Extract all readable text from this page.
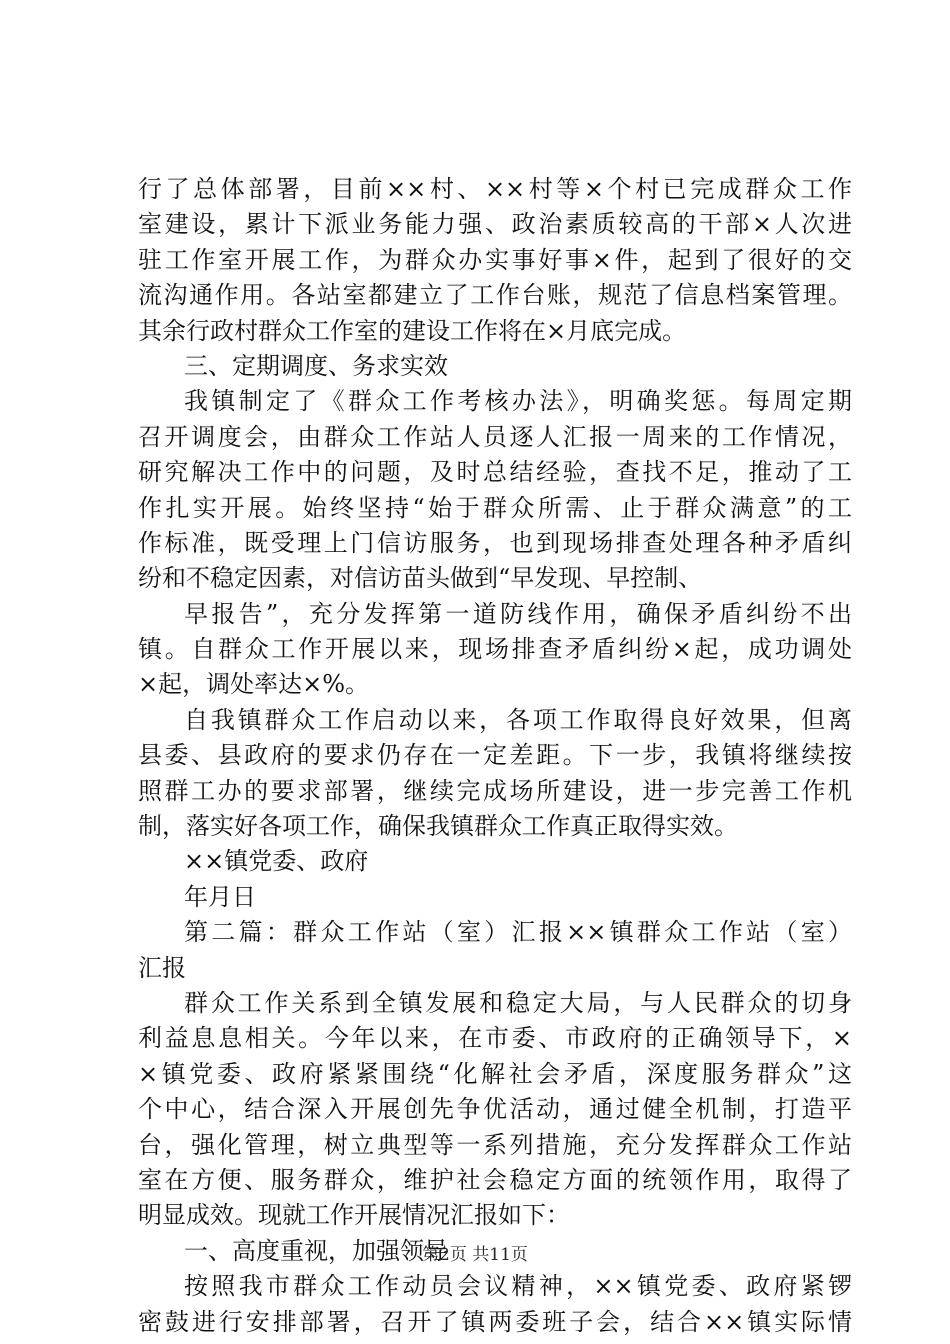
行了总体部署，目前××村、××村等×个村已完成群众工作
室建设，累计下派业务能力强、政治素质较高的干部×人次进
驻工作室开展工作，为群众办实事好事×件，起到了很好的交
流沟通作用。各站室都建立了工作台账，规范了信息档案管理。
其余行政村群众工作室的建设工作将在×月底完成。
三、定期调度、务求实效
我镇制定了《群众工作考核办法》，明确奖惩。每周定期
召开调度会，由群众工作站人员逐人汇报一周来的工作情况，
研究解决工作中的问题，及时总结经验，查找不足，推动了工
作扎实开展。始终坚持“始于群众所需、止于群众满意”的工
作标准，既受理上门信访服务，也到现场排查处理各种矛盾纠
纷和不稳定因素，对信访苗头做到“早发现、早控制、
早报告”，充分发挥第一道防线作用，确保矛盾纠纷不出
镇。自群众工作开展以来，现场排查矛盾纠纷×起，成功调处
×起，调处率达×%。
自我镇群众工作启动以来，各项工作取得良好效果，但离
县委、县政府的要求仍存在一定差距。下一步，我镇将继续按
照群工办的要求部署，继续完成场所建设，进一步完善工作机
制，落实好各项工作，确保我镇群众工作真正取得实效。
××镇党委、政府
年月日
第二篇：群众工作站（室）汇报××镇群众工作站（室）
汇报
群众工作关系到全镇发展和稳定大局，与人民群众的切身
利益息息相关。今年以来，在市委、市政府的正确领导下，×
×镇党委、政府紧紧围绕“化解社会矛盾，深度服务群众”这
个中心，结合深入开展创先争优活动，通过健全机制，打造平
台，强化管理，树立典型等一系列措施，充分发挥群众工作站
室在方便、服务群众，维护社会稳定方面的统领作用，取得了
明显成效。现就工作开展情况汇报如下：
一、高度重视，加强领导
按照我市群众工作动员会议精神，××镇党委、政府紧锣
密鼓进行安排部署，召开了镇两委班子会，结合××镇实际情
第2页 共11页
